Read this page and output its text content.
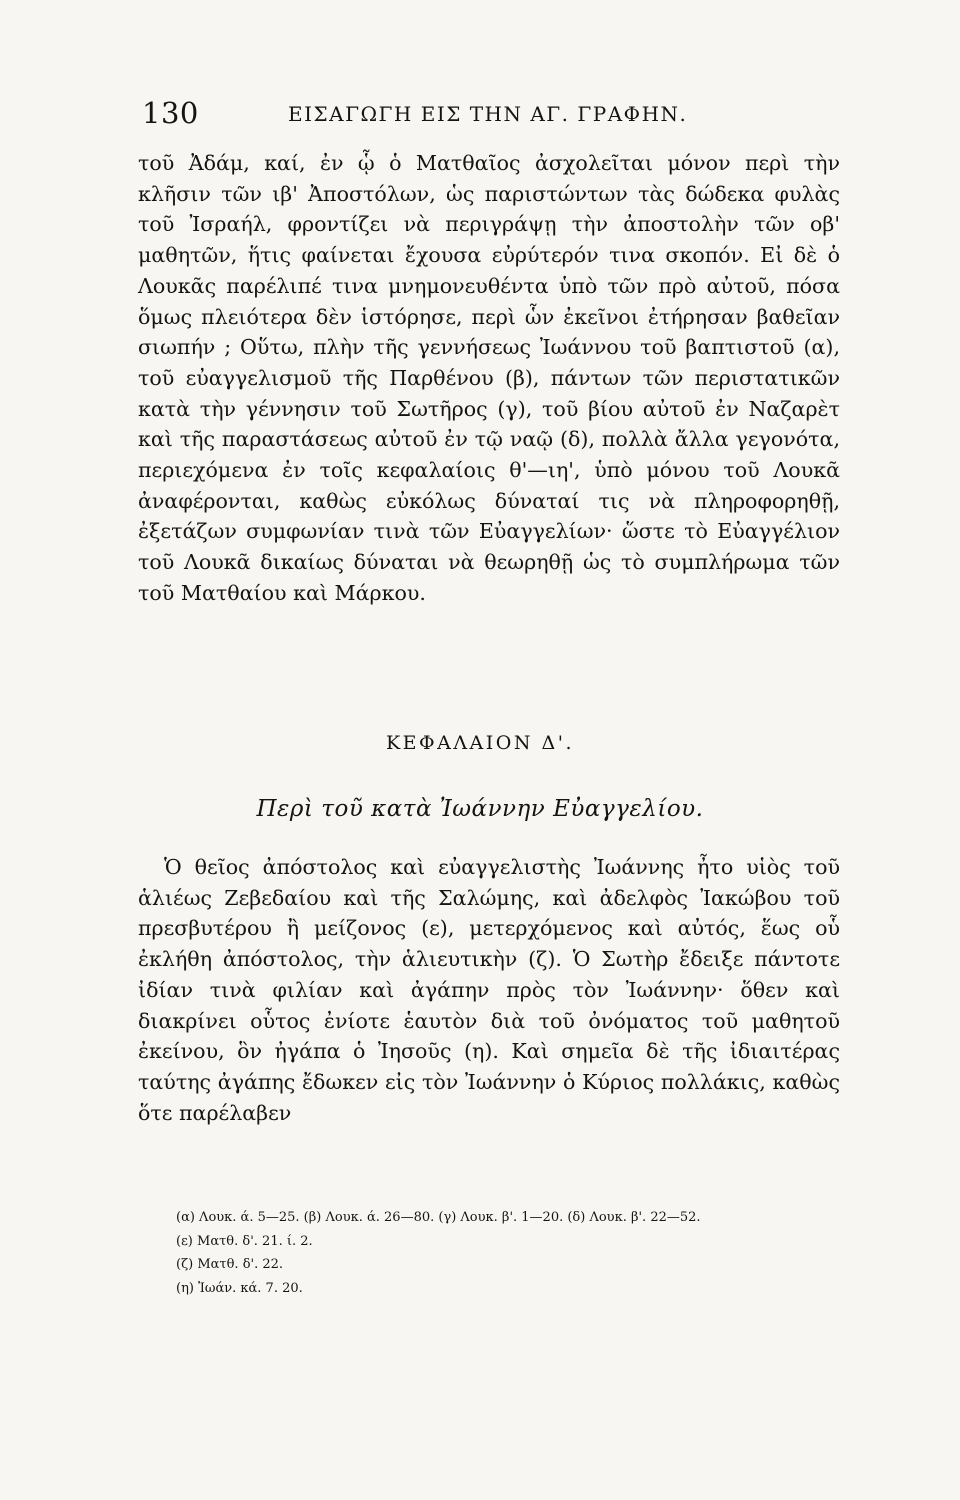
130	ΕΙΣΑΓΩΓΗ ΕΙΣ ΤΗΝ ΑΓ. ΓΡΑΦΗΝ.

τοῦ Ἀδάμ, καί, ἐν ᾧ ὁ Ματθαῖος ἀσχολεῖται μόνον περὶ τὴν κλῆσιν τῶν ιβ' Ἀποστόλων, ὡς παριστώντων τὰς δώδεκα φυλὰς τοῦ Ἰσραήλ, φροντίζει νὰ περιγράψῃ τὴν ἀποστολὴν τῶν οβ' μαθητῶν, ἥτις φαίνεται ἔχουσα εὐρύτερόν τινα σκοπόν. Εἰ δὲ ὁ Λουκᾶς παρέλιπέ τινα μνημονευθέντα ὑπὸ τῶν πρὸ αὐτοῦ, πόσα ὅμως πλειότερα δὲν ἱστόρησε, περὶ ὧν ἐκεῖνοι ἐτήρησαν βαθεῖαν σιωπήν ; Οὕτω, πλὴν τῆς γεννήσεως Ἰωάννου τοῦ βαπτιστοῦ (α), τοῦ εὐαγγελισμοῦ τῆς Παρθένου (β), πάντων τῶν περιστατικῶν κατὰ τὴν γέννησιν τοῦ Σωτῆρος (γ), τοῦ βίου αὐτοῦ ἐν Ναζαρὲτ καὶ τῆς παραστάσεως αὐτοῦ ἐν τῷ ναῷ (δ), πολλὰ ἄλλα γεγονότα, περιεχόμενα ἐν τοῖς κεφαλαίοις θ'—ιη', ὑπὸ μόνου τοῦ Λουκᾶ ἀναφέρονται, καθὼς εὐκόλως δύναταί τις νὰ πληροφορηθῇ, ἐξετάζων συμφωνίαν τινὰ τῶν Εὐαγγελίων· ὥστε τὸ Εὐαγγέλιον τοῦ Λουκᾶ δικαίως δύναται νὰ θεωρηθῇ ὡς τὸ συμπλήρωμα τῶν τοῦ Ματθαίου καὶ Μάρκου.

ΚΕΦΑΛΑΙΟΝ Δ'.

Περὶ τοῦ κατὰ Ἰωάννην Εὐαγγελίου.

Ὁ θεῖος ἀπόστολος καὶ εὐαγγελιστὴς Ἰωάννης ἦτο υἱὸς τοῦ ἁλιέως Ζεβεδαίου καὶ τῆς Σαλώμης, καὶ ἀδελφὸς Ἰακώβου τοῦ πρεσβυτέρου ἢ μείζονος (ε), μετερχόμενος καὶ αὐτός, ἕως οὗ ἐκλήθη ἀπόστολος, τὴν ἁλιευτικὴν (ζ). Ὁ Σωτὴρ ἔδειξε πάντοτε ἰδίαν τινὰ φιλίαν καὶ ἀγάπην πρὸς τὸν Ἰωάννην· ὅθεν καὶ διακρίνει οὗτος ἐνίοτε ἑαυτὸν διὰ τοῦ ὀνόματος τοῦ μαθητοῦ ἐκείνου, ὃν ἠγάπα ὁ Ἰησοῦς (η). Καὶ σημεῖα δὲ τῆς ἰδιαιτέρας ταύτης ἀγάπης ἔδωκεν εἰς τὸν Ἰωάννην ὁ Κύριος πολλάκις, καθὼς ὅτε παρέλαβεν

(α) Λουκ. ά. 5—25. (β) Λουκ. ά. 26—80. (γ) Λουκ. β'. 1—20. (δ) Λουκ. β'. 22—52.
(ε) Ματθ. δ'. 21. ί. 2.
(ζ) Ματθ. δ'. 22.
(η) Ἰωάν. κά. 7. 20.
